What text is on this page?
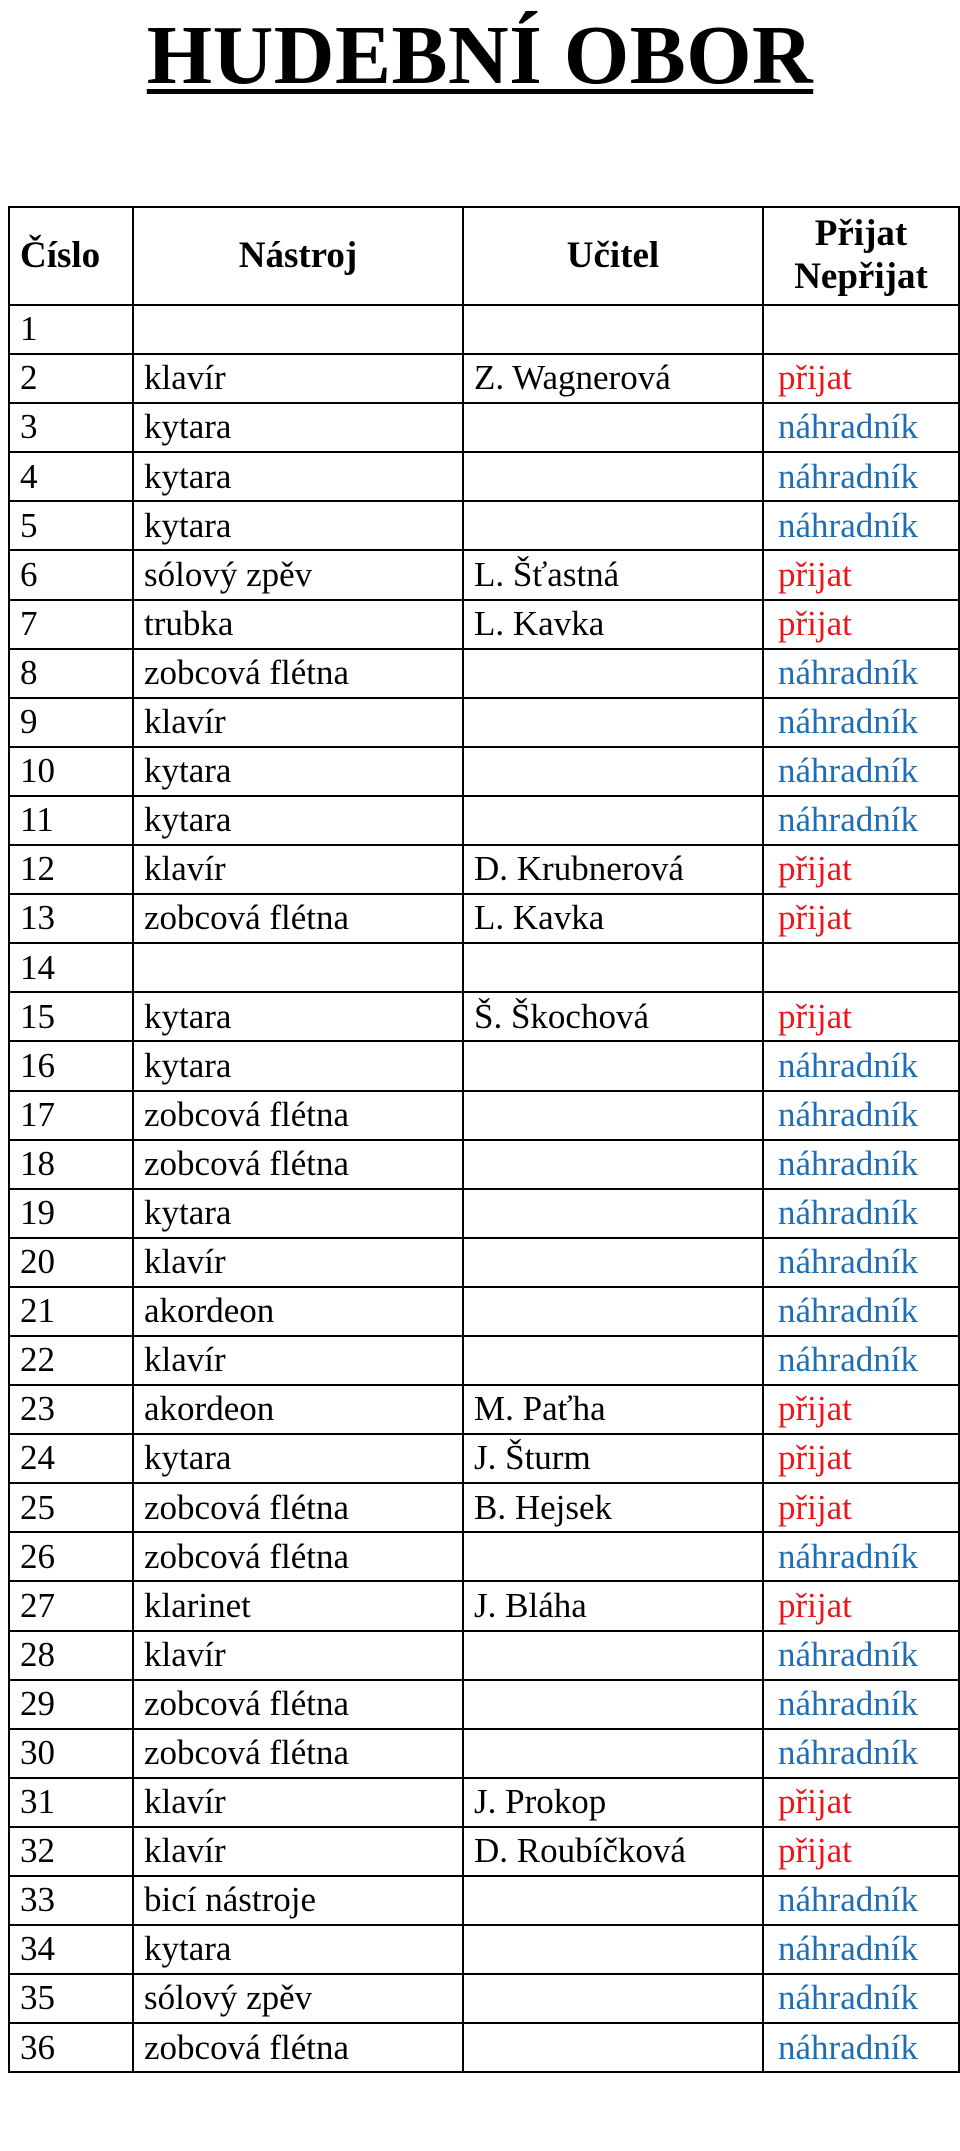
HUDEBNÍ OBOR
Číslo	Nástroj	Učitel	Přijat
Nepřijat

1			
2	klavír	Z. Wagnerová	přijat
3	kytara		náhradník
4	kytara		náhradník
5	kytara		náhradník
6	sólový zpěv	L. Šťastná	přijat
7	trubka	L. Kavka	přijat
8	zobcová flétna		náhradník
9	klavír		náhradník
10	kytara		náhradník
11	kytara		náhradník
12	klavír	D. Krubnerová	přijat
13	zobcová flétna	L. Kavka	přijat
14			
15	kytara	Š. Škochová	přijat
16	kytara		náhradník
17	zobcová flétna		náhradník
18	zobcová flétna		náhradník
19	kytara		náhradník
20	klavír		náhradník
21	akordeon		náhradník
22	klavír		náhradník
23	akordeon	M. Paťha	přijat
24	kytara	J. Šturm	přijat
25	zobcová flétna	B. Hejsek	přijat
26	zobcová flétna		náhradník
27	klarinet	J. Bláha	přijat
28	klavír		náhradník
29	zobcová flétna		náhradník
30	zobcová flétna		náhradník
31	klavír	J. Prokop	přijat
32	klavír	D. Roubíčková	přijat
33	bicí nástroje		náhradník
34	kytara		náhradník
35	sólový zpěv		náhradník
36	zobcová flétna		náhradník
